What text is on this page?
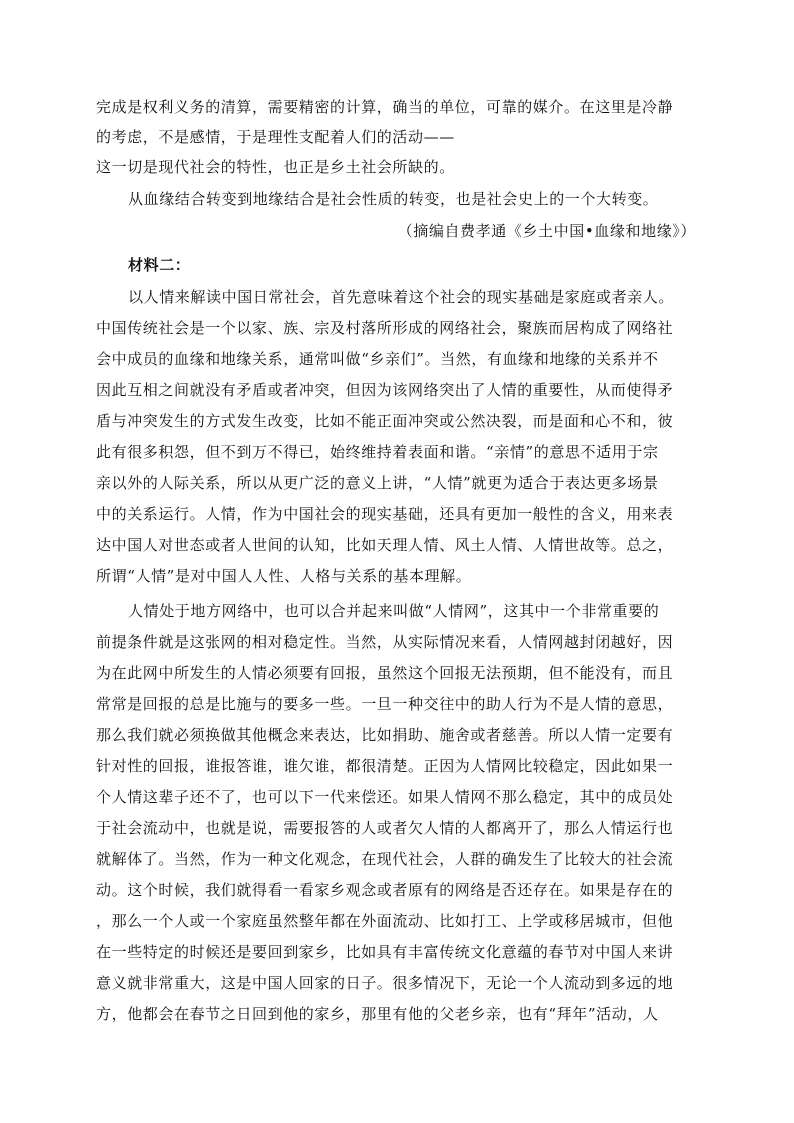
完成是权利义务的清算，需要精密的计算，确当的单位，可靠的媒介。在这里是冷静
的考虑，不是感情，于是理性支配着人们的活动——
这一切是现代社会的特性，也正是乡土社会所缺的。
从血缘结合转变到地缘结合是社会性质的转变，也是社会史上的一个大转变。
（摘编自费孝通《乡土中国•血缘和地缘》）
材料二：
以人情来解读中国日常社会，首先意味着这个社会的现实基础是家庭或者亲人。
中国传统社会是一个以家、族、宗及村落所形成的网络社会，聚族而居构成了网络社
会中成员的血缘和地缘关系，通常叫做“乡亲们”。当然，有血缘和地缘的关系并不
因此互相之间就没有矛盾或者冲突，但因为该网络突出了人情的重要性，从而使得矛
盾与冲突发生的方式发生改变，比如不能正面冲突或公然决裂，而是面和心不和，彼
此有很多积怨，但不到万不得已，始终维持着表面和谐。“亲情”的意思不适用于宗
亲以外的人际关系，所以从更广泛的意义上讲，“人情”就更为适合于表达更多场景
中的关系运行。人情，作为中国社会的现实基础，还具有更加一般性的含义，用来表
达中国人对世态或者人世间的认知，比如天理人情、风土人情、人情世故等。总之，
所谓“人情”是对中国人人性、人格与关系的基本理解。
人情处于地方网络中，也可以合并起来叫做“人情网”，这其中一个非常重要的
前提条件就是这张网的相对稳定性。当然，从实际情况来看，人情网越封闭越好，因
为在此网中所发生的人情必须要有回报，虽然这个回报无法预期，但不能没有，而且
常常是回报的总是比施与的要多一些。一旦一种交往中的助人行为不是人情的意思，
那么我们就必须换做其他概念来表达，比如捐助、施舍或者慈善。所以人情一定要有
针对性的回报，谁报答谁，谁欠谁，都很清楚。正因为人情网比较稳定，因此如果一
个人情这辈子还不了，也可以下一代来偿还。如果人情网不那么稳定，其中的成员处
于社会流动中，也就是说，需要报答的人或者欠人情的人都离开了，那么人情运行也
就解体了。当然，作为一种文化观念，在现代社会，人群的确发生了比较大的社会流
动。这个时候，我们就得看一看家乡观念或者原有的网络是否还存在。如果是存在的
，那么一个人或一个家庭虽然整年都在外面流动、比如打工、上学或移居城市，但他
在一些特定的时候还是要回到家乡，比如具有丰富传统文化意蕴的春节对中国人来讲
意义就非常重大，这是中国人回家的日子。很多情况下，无论一个人流动到多远的地
方，他都会在春节之日回到他的家乡，那里有他的父老乡亲，也有“拜年”活动，人
